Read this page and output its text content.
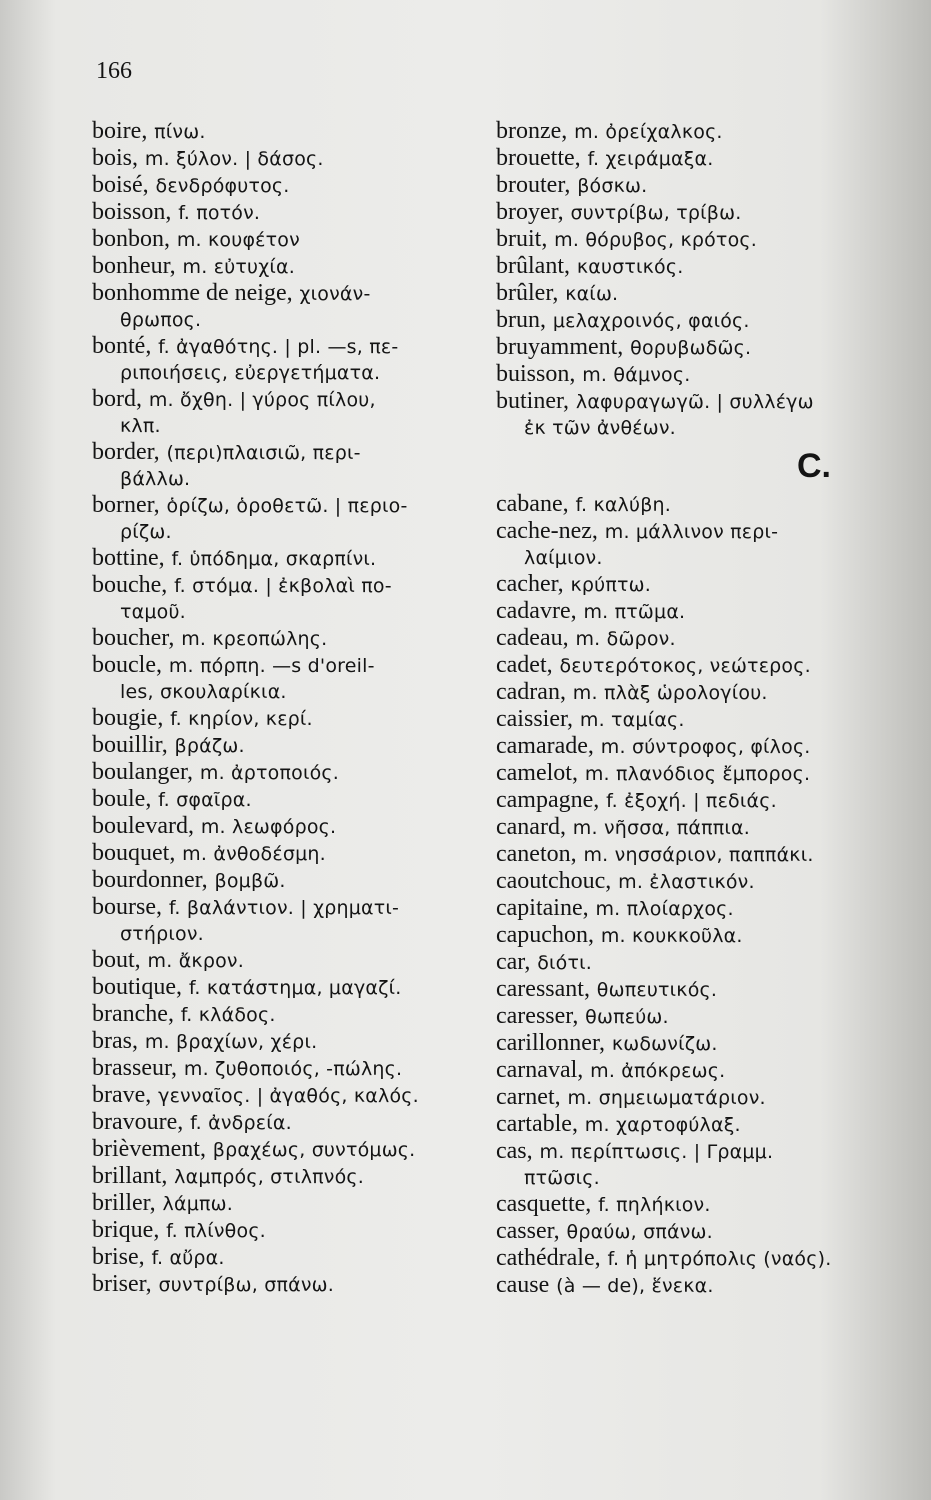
166
boire, πίνω.
bois, m. ξύλον. | δάσος.
boisé, δενδρόφυτος.
boisson, f. ποτόν.
bonbon, m. κουφέτον
bonheur, m. εὐτυχία.
bonhomme de neige, χιονάν-
θρωπος.
bonté, f. ἀγαθότης. | pl. —s, πε-
ριποιήσεις, εὐεργετήματα.
bord, m. ὄχθη. | γύρος πίλου,
κλπ.
border, (περι)πλαισιῶ, περι-
βάλλω.
borner, ὁρίζω, ὁροθετῶ. | περιο-
ρίζω.
bottine, f. ὑπόδημα, σκαρπίνι.
bouche, f. στόμα. | ἐκβολαὶ πο-
ταμοῦ.
boucher, m. κρεοπώλης.
boucle, m. πόρπη. —s d'oreil-
les, σκουλαρίκια.
bougie, f. κηρίον, κερί.
bouillir, βράζω.
boulanger, m. ἀρτοποιός.
boule, f. σφαῖρα.
boulevard, m. λεωφόρος.
bouquet, m. ἀνθοδέσμη.
bourdonner, βομβῶ.
bourse, f. βαλάντιον. | χρηματι-
στήριον.
bout, m. ἄκρον.
boutique, f. κατάστημα, μαγαζί.
branche, f. κλάδος.
bras, m. βραχίων, χέρι.
brasseur, m. ζυθοποιός, -πώλης.
brave, γενναῖος. | ἀγαθός, καλός.
bravoure, f. ἀνδρεία.
brièvement, βραχέως, συντόμως.
brillant, λαμπρός, στιλπνός.
briller, λάμπω.
brique, f. πλίνθος.
brise, f. αὔρα.
briser, συντρίβω, σπάνω.
bronze, m. ὀρείχαλκος.
brouette, f. χειράμαξα.
brouter, βόσκω.
broyer, συντρίβω, τρίβω.
bruit, m. θόρυβος, κρότος.
brûlant, καυστικός.
brûler, καίω.
brun, μελαχροινός, φαιός.
bruyamment, θορυβωδῶς.
buisson, m. θάμνος.
butiner, λαφυραγωγῶ. | συλλέγω
ἐκ τῶν ἀνθέων.
C.
cabane, f. καλύβη.
cache-nez, m. μάλλινον περι-
λαίμιον.
cacher, κρύπτω.
cadavre, m. πτῶμα.
cadeau, m. δῶρον.
cadet, δευτερότοκος, νεώτερος.
cadran, m. πλὰξ ὡρολογίου.
caissier, m. ταμίας.
camarade, m. σύντροφος, φίλος.
camelot, m. πλανόδιος ἔμπορος.
campagne, f. ἐξοχή. | πεδιάς.
canard, m. νῆσσα, πάππια.
caneton, m. νησσάριον, παππάκι.
caoutchouc, m. ἐλαστικόν.
capitaine, m. πλοίαρχος.
capuchon, m. κουκκοῦλα.
car, διότι.
caressant, θωπευτικός.
caresser, θωπεύω.
carillonner, κωδωνίζω.
carnaval, m. ἀπόκρεως.
carnet, m. σημειωματάριον.
cartable, m. χαρτοφύλαξ.
cas, m. περίπτωσις. | Γραμμ.
πτῶσις.
casquette, f. πηλήκιον.
casser, θραύω, σπάνω.
cathédrale, f. ἡ μητρόπολις (ναός).
cause (à — de), ἕνεκα.
